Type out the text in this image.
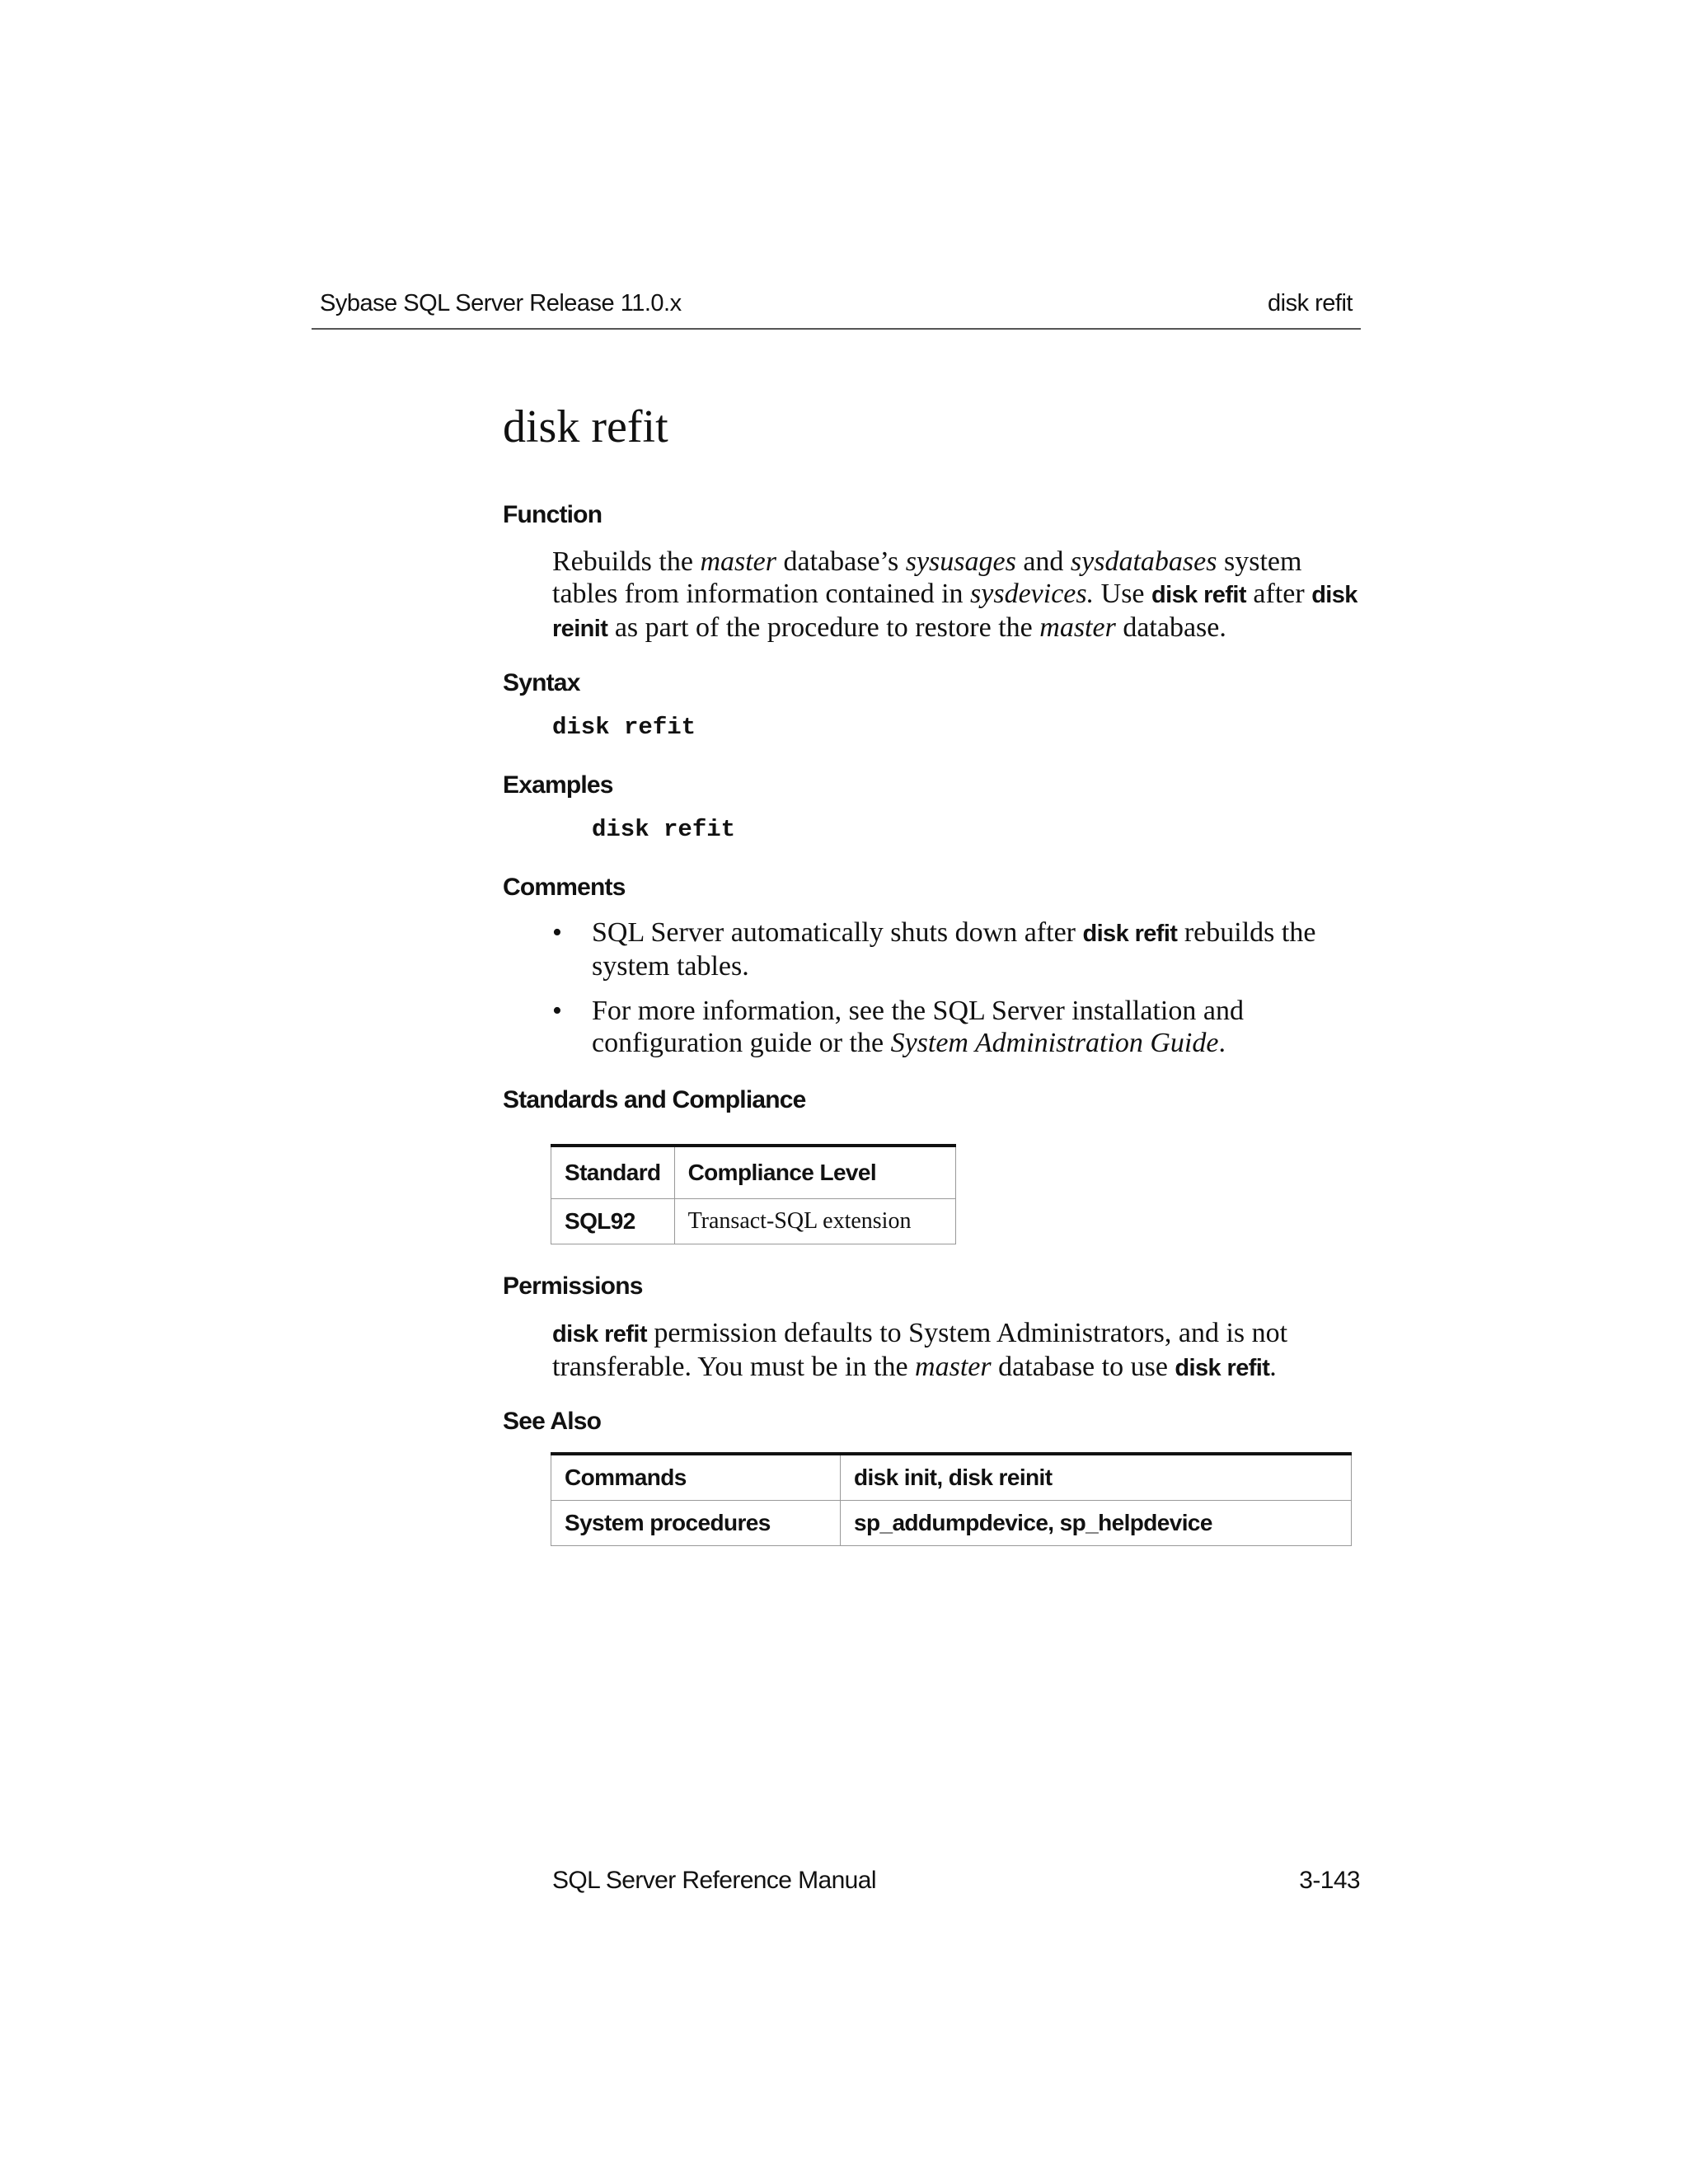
Sybase SQL Server Release 11.0.x	disk refit
disk refit
Function

Rebuilds the master database’s sysusages and sysdatabases system tables from information contained in sysdevices. Use disk refit after disk reinit as part of the procedure to restore the master database.

Syntax

disk refit

Examples

disk refit

Comments
• SQL Server automatically shuts down after disk refit rebuilds the system tables.
• For more information, see the SQL Server installation and configuration guide or the System Administration Guide.
Standards and Compliance
Standard	Compliance Level
SQL92	Transact-SQL extension
Permissions

disk refit permission defaults to System Administrators, and is not transferable. You must be in the master database to use disk refit.

See Also
Commands	disk init, disk reinit
System procedures	sp_addumpdevice, sp_helpdevice
SQL Server Reference Manual	3-143
